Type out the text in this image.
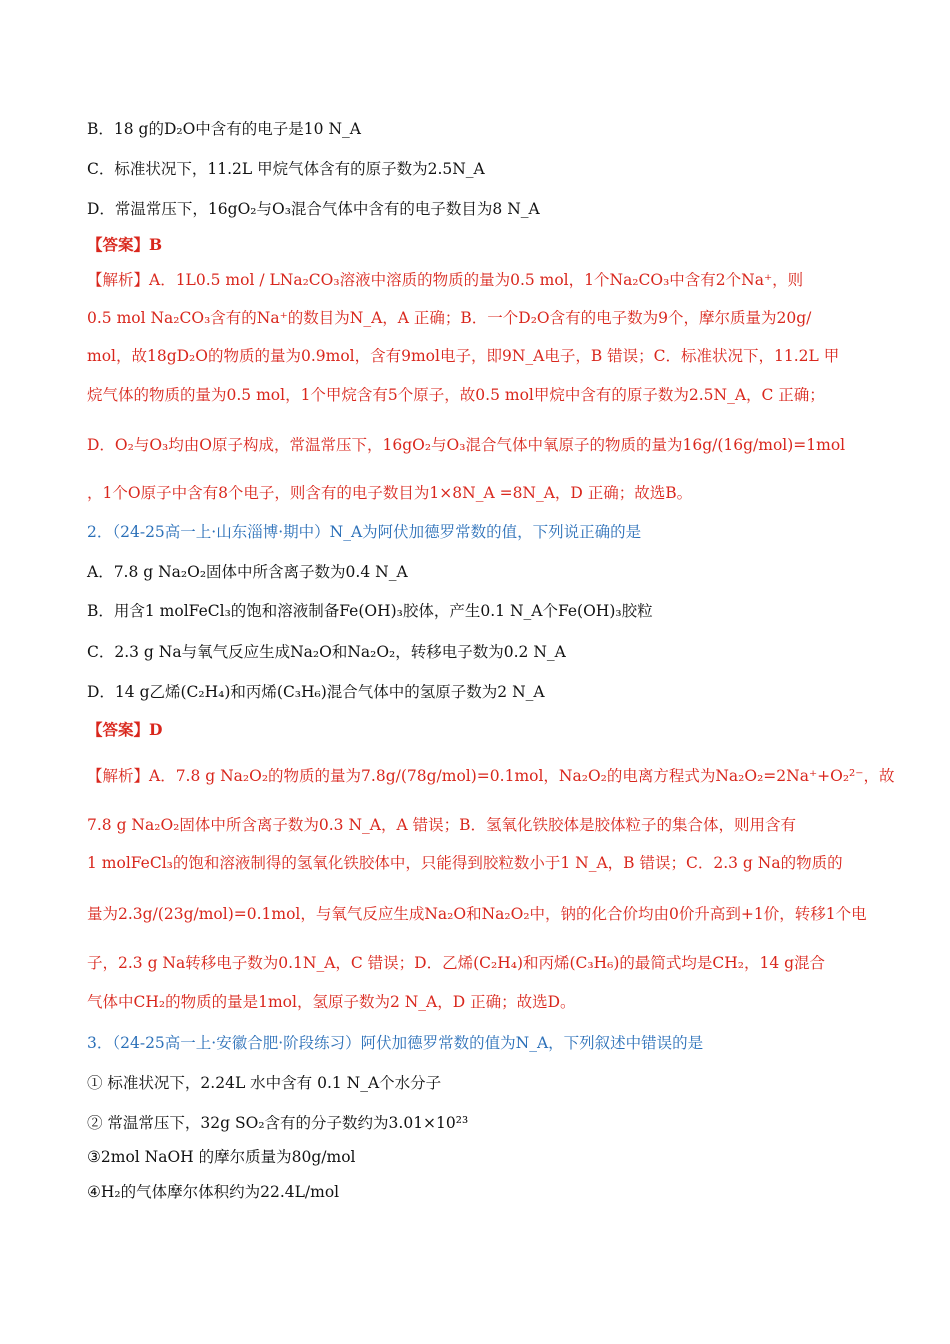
B．18 g的D₂O中含有的电子是10 N_A
C．标准状况下，11.2L 甲烷气体含有的原子数为2.5N_A
D．常温常压下，16gO₂与O₃混合气体中含有的电子数目为8 N_A
【答案】B
【解析】A．1L0.5 mol / LNa₂CO₃溶液中溶质的物质的量为0.5 mol，1个Na₂CO₃中含有2个Na⁺，则
0.5 mol Na₂CO₃含有的Na⁺的数目为N_A，A 正确；B．一个D₂O含有的电子数为9个，摩尔质量为20g/
mol，故18gD₂O的物质的量为0.9mol，含有9mol电子，即9N_A电子，B 错误；C．标准状况下，11.2L 甲
烷气体的物质的量为0.5 mol，1个甲烷含有5个原子，故0.5 mol甲烷中含有的原子数为2.5N_A，C 正确；
D．O₂与O₃均由O原子构成，常温常压下，16gO₂与O₃混合气体中氧原子的物质的量为16g/(16g/mol)=1mol
，1个O原子中含有8个电子，则含有的电子数目为1×8N_A =8N_A，D 正确；故选B。
2．（24-25高一上·山东淄博·期中）N_A为阿伏加德罗常数的值，下列说正确的是
A．7.8 g Na₂O₂固体中所含离子数为0.4 N_A
B．用含1 molFeCl₃的饱和溶液制备Fe(OH)₃胶体，产生0.1 N_A个Fe(OH)₃胶粒
C．2.3 g Na与氧气反应生成Na₂O和Na₂O₂，转移电子数为0.2 N_A
D．14 g乙烯(C₂H₄)和丙烯(C₃H₆)混合气体中的氢原子数为2 N_A
【答案】D
【解析】A．7.8 g Na₂O₂的物质的量为7.8g/(78g/mol)=0.1mol，Na₂O₂的电离方程式为Na₂O₂=2Na⁺+O₂²⁻，故
7.8 g Na₂O₂固体中所含离子数为0.3 N_A，A 错误；B．氢氧化铁胶体是胶体粒子的集合体，则用含有
1 molFeCl₃的饱和溶液制得的氢氧化铁胶体中，只能得到胶粒数小于1 N_A，B 错误；C．2.3 g Na的物质的
量为2.3g/(23g/mol)=0.1mol，与氧气反应生成Na₂O和Na₂O₂中，钠的化合价均由0价升高到+1价，转移1个电
子，2.3 g Na转移电子数为0.1N_A，C 错误；D．乙烯(C₂H₄)和丙烯(C₃H₆)的最简式均是CH₂，14 g混合
气体中CH₂的物质的量是1mol，氢原子数为2 N_A，D 正确；故选D。
3．（24-25高一上·安徽合肥·阶段练习）阿伏加德罗常数的值为N_A，下列叙述中错误的是
① 标准状况下，2.24L 水中含有 0.1 N_A个水分子
② 常温常压下，32g SO₂含有的分子数约为3.01×10²³
③2mol NaOH 的摩尔质量为80g/mol
④H₂的气体摩尔体积约为22.4L/mol
